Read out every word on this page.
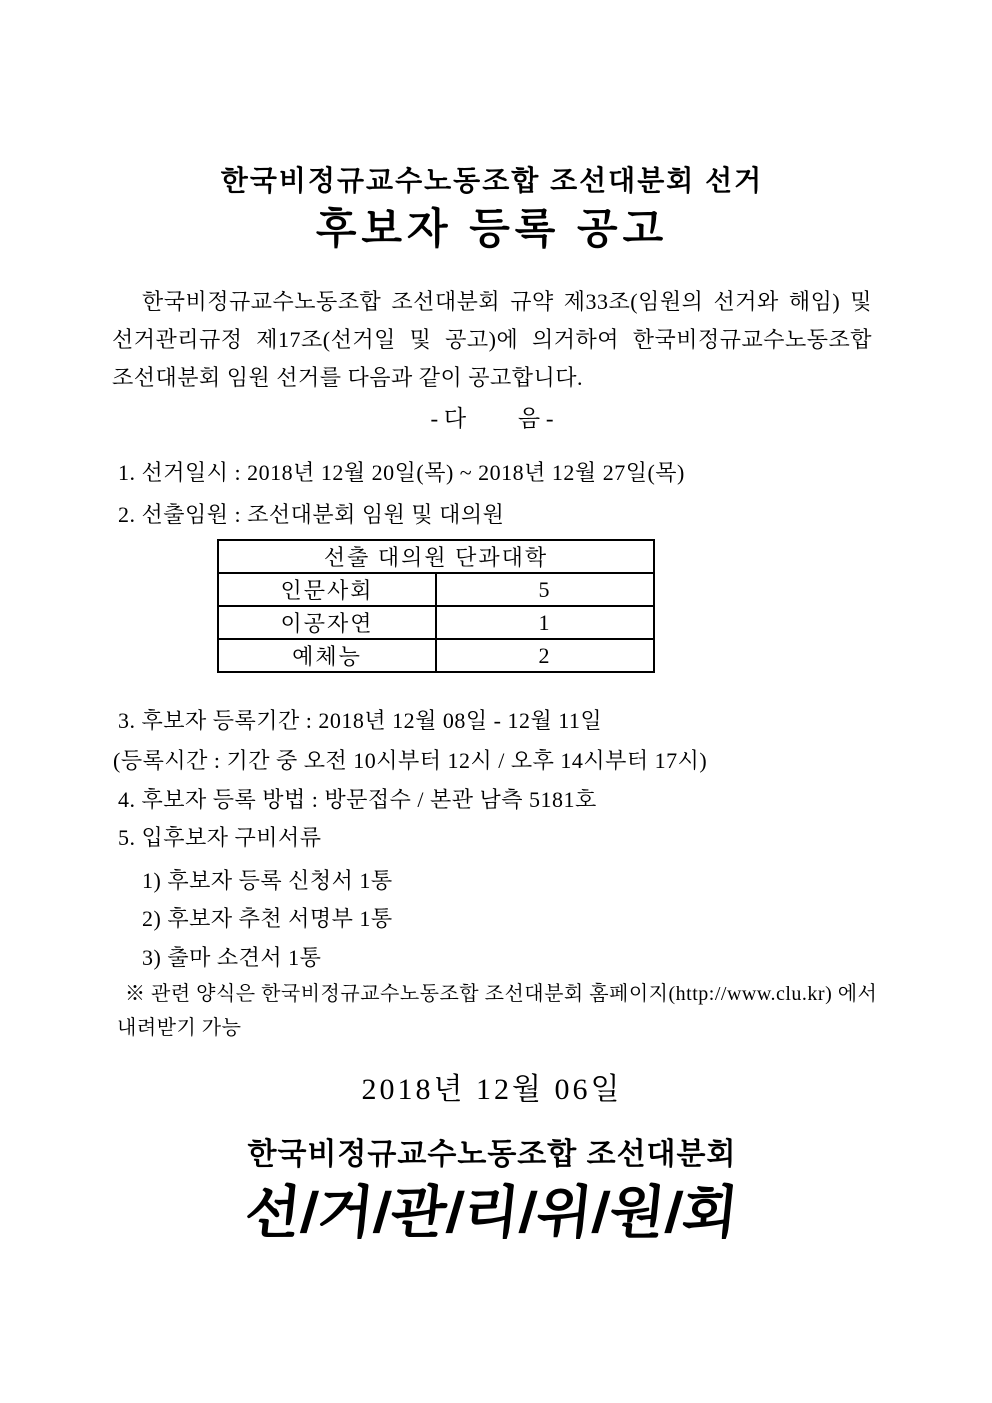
한국비정규교수노동조합 조선대분회 선거
후보자 등록 공고

한국비정규교수노동조합 조선대분회 규약 제33조(임원의 선거와 해임) 및 선거관리규정 제17조(선거일 및 공고)에 의거하여 한국비정규교수노동조합 조선대분회 임원 선거를 다음과 같이 공고합니다.

- 다         음 -

1. 선거일시 : 2018년 12월 20일(목) ~ 2018년 12월 27일(목)

2. 선출임원 : 조선대분회 임원 및 대의원

선출 대의원 단과대학	
인문사회	5
이공자연	1
예체능	2

3. 후보자 등록기간 : 2018년 12월 08일 - 12월 11일

(등록시간 : 기간 중 오전 10시부터 12시 / 오후 14시부터 17시)

4. 후보자 등록 방법 : 방문접수 / 본관 남측 5181호

5. 입후보자 구비서류

1) 후보자 등록 신청서 1통

2) 후보자 추천 서명부 1통

3) 출마 소견서 1통

※ 관련 양식은 한국비정규교수노동조합 조선대분회 홈페이지(http://www.clu.kr) 에서

내려받기 가능

2018년 12월 06일
한국비정규교수노동조합 조선대분회
선/거/관/리/위/원/회
